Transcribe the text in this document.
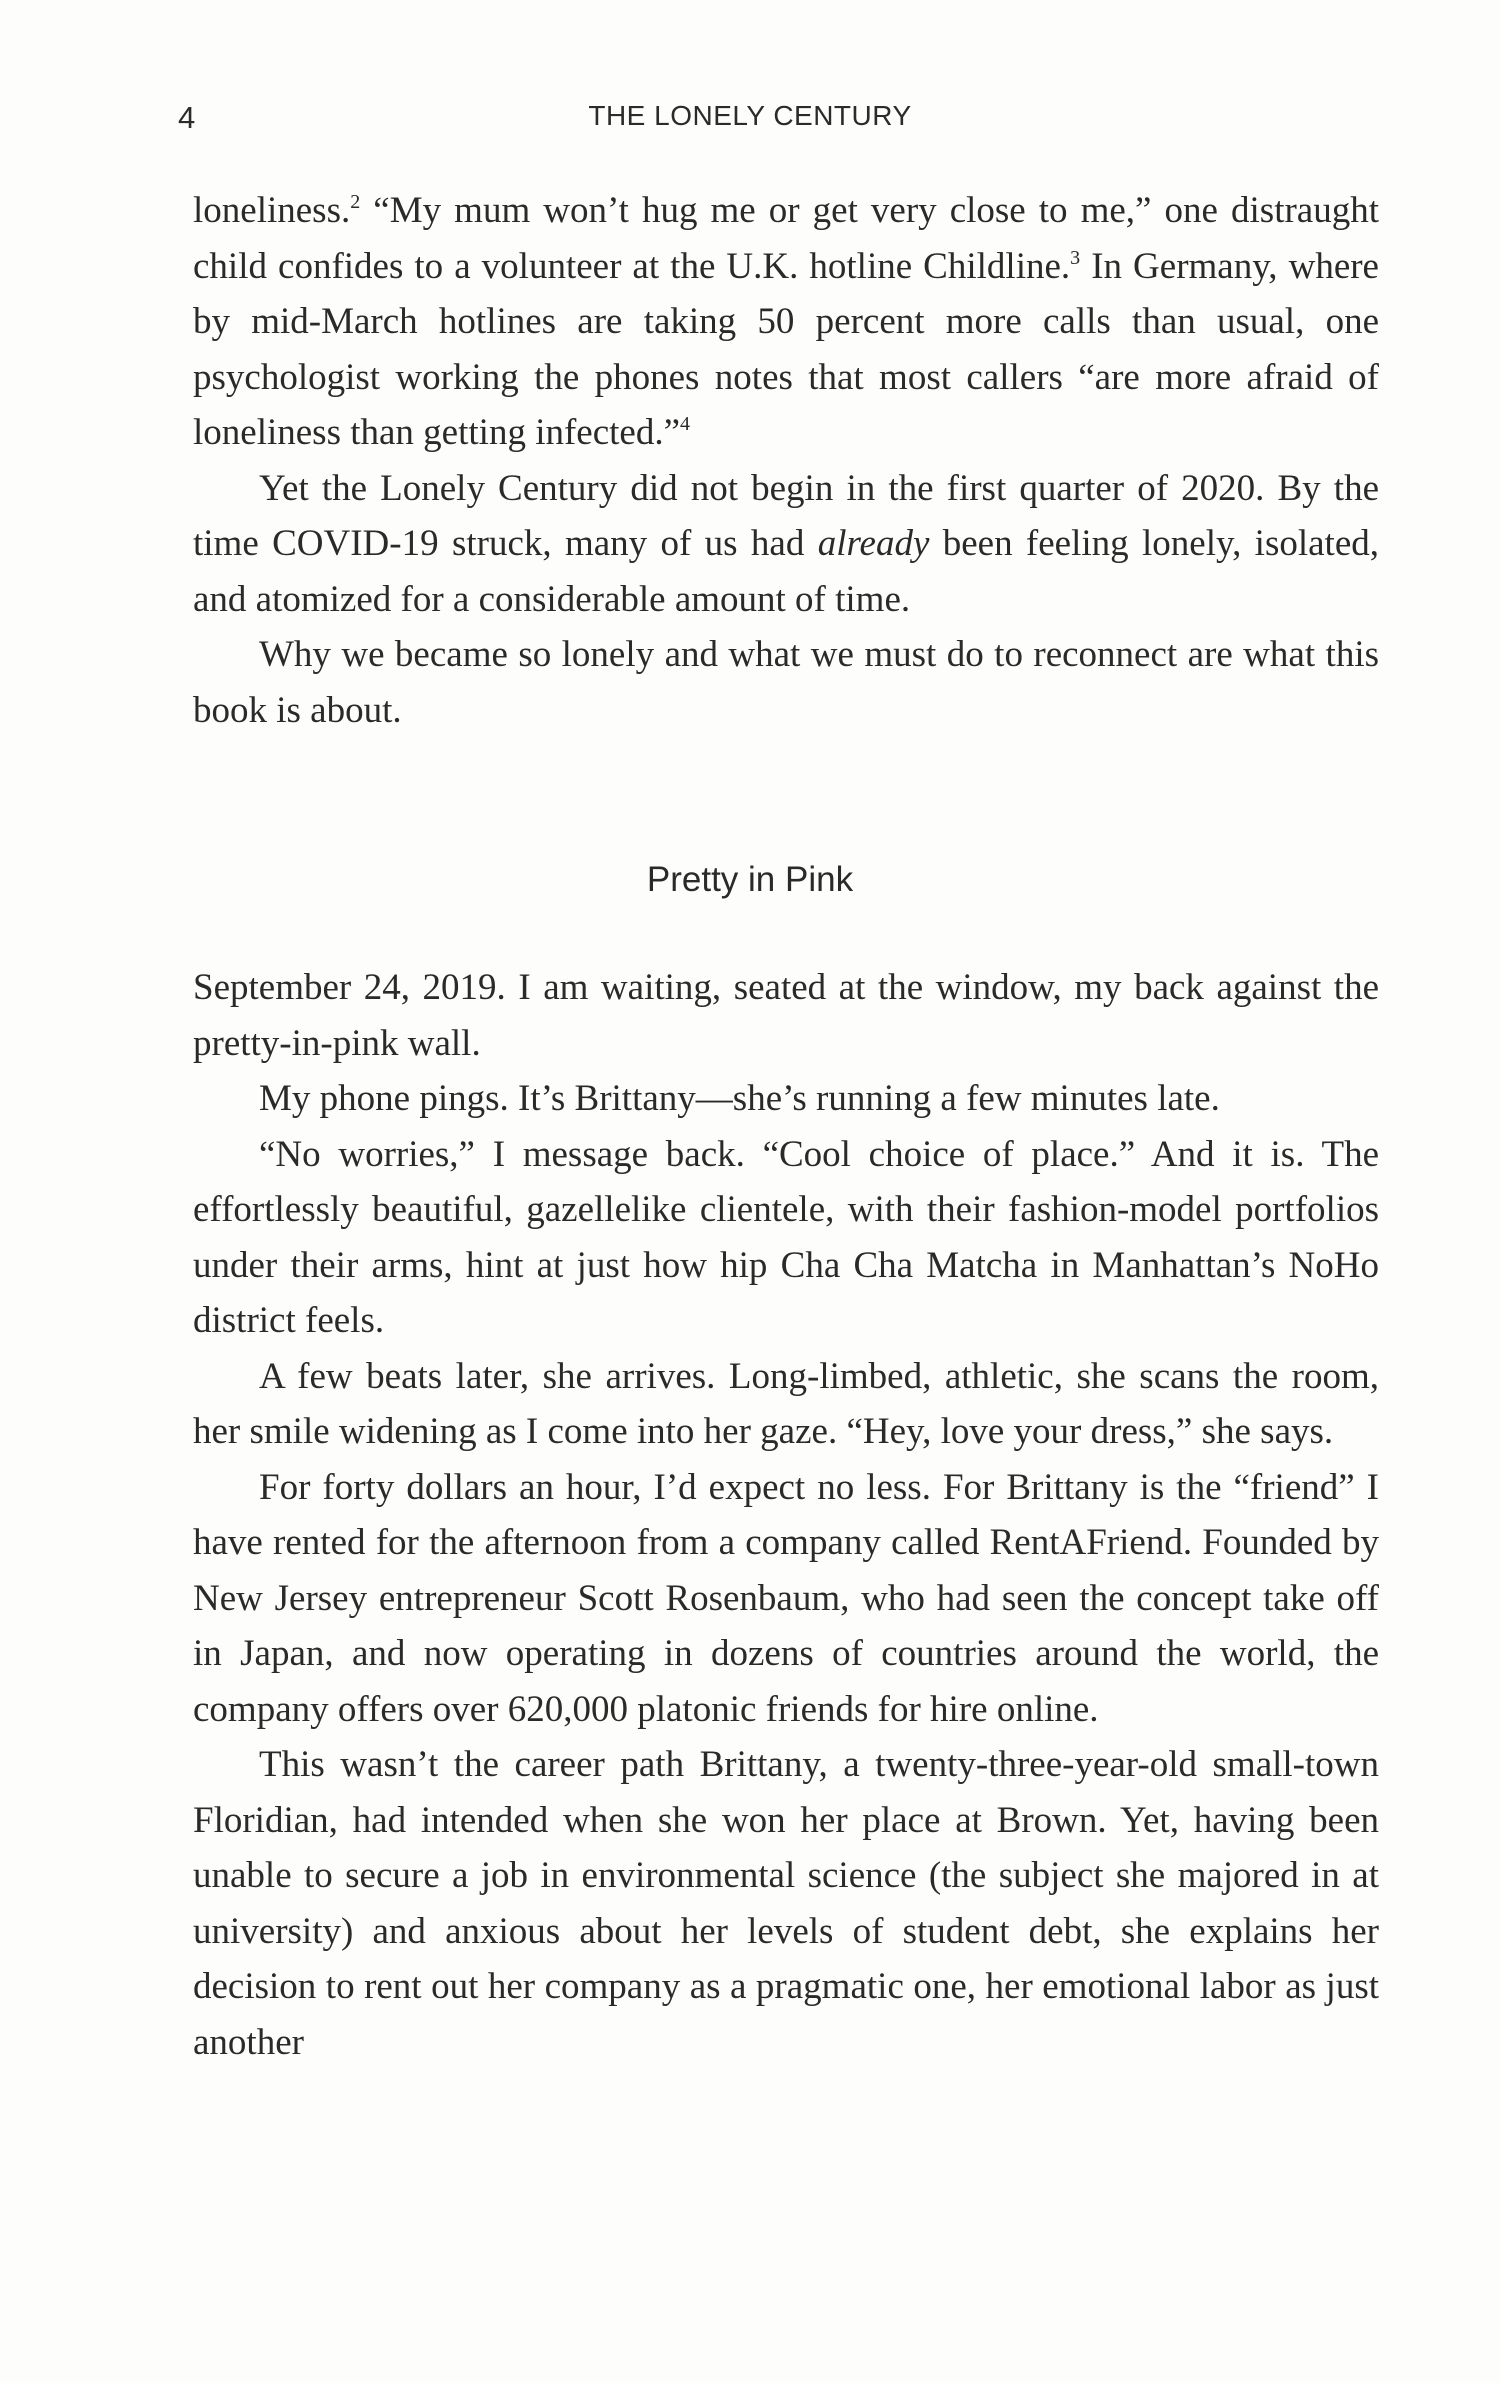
4	THE LONELY CENTURY

loneliness.$^2$ “My mum won’t hug me or get very close to me,” one distraught child confides to a volunteer at the U.K. hotline Childline.$^3$ In Germany, where by mid-March hotlines are taking 50 percent more calls than usual, one psychologist working the phones notes that most callers “are more afraid of loneliness than getting infected.”$^4$

Yet the Lonely Century did not begin in the first quarter of 2020. By the time COVID-19 struck, many of us had already been feeling lonely, isolated, and atomized for a considerable amount of time.

Why we became so lonely and what we must do to reconnect are what this book is about.

Pretty in Pink

September 24, 2019. I am waiting, seated at the window, my back against the pretty-in-pink wall.

My phone pings. It’s Brittany—she’s running a few minutes late.

“No worries,” I message back. “Cool choice of place.” And it is. The effortlessly beautiful, gazellelike clientele, with their fashion-model portfolios under their arms, hint at just how hip Cha Cha Matcha in Manhattan’s NoHo district feels.

A few beats later, she arrives. Long-limbed, athletic, she scans the room, her smile widening as I come into her gaze. “Hey, love your dress,” she says.

For forty dollars an hour, I’d expect no less. For Brittany is the “friend” I have rented for the afternoon from a company called RentAFriend. Founded by New Jersey entrepreneur Scott Rosenbaum, who had seen the concept take off in Japan, and now operating in dozens of countries around the world, the company offers over 620,000 platonic friends for hire online.

This wasn’t the career path Brittany, a twenty-three-year-old small-town Floridian, had intended when she won her place at Brown. Yet, having been unable to secure a job in environmental science (the subject she majored in at university) and anxious about her levels of student debt, she explains her decision to rent out her company as a pragmatic one, her emotional labor as just another
